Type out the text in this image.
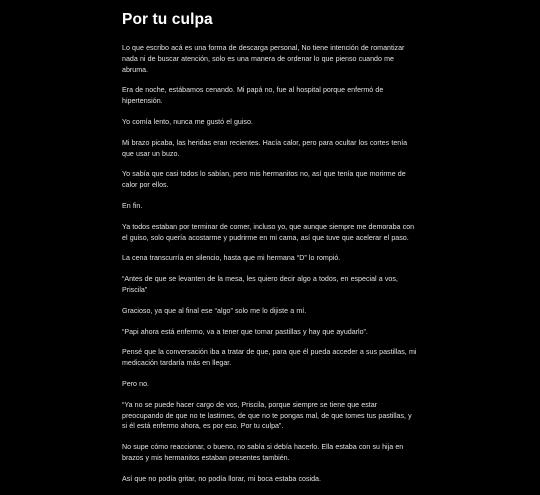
Por tu culpa

Lo que escribo acá es una forma de descarga personal, No tiene intención de romantizar nada ni de buscar atención, solo es una manera de ordenar lo que pienso cuando me abruma.

Era de noche, estábamos cenando. Mi papá no, fue al hospital porque enfermó de hipertensión.

Yo comía lento, nunca me gustó el guiso.

Mi brazo picaba, las heridas eran recientes. Hacía calor, pero para ocultar los cortes tenía que usar un buzo.

Yo sabía que casi todos lo sabían, pero mis hermanitos no, así que tenía que morirme de calor por ellos.

En fin.

Ya todos estaban por terminar de comer, incluso yo, que aunque siempre me demoraba con el guiso, solo quería acostarme y pudrirme en mi cama, así que tuve que acelerar el paso.

La cena transcurría en silencio, hasta que mi hermana “D” lo rompió.

“Antes de que se levanten de la mesa, les quiero decir algo a todos, en especial a vos, Priscila”

Gracioso, ya que al final ese “algo” solo me lo dijiste a mí.

“Papi ahora está enfermo, va a tener que tomar pastillas y hay que ayudarlo”.

Pensé que la conversación iba a tratar de que, para que él pueda acceder a sus pastillas, mi medicación tardaría más en llegar.

Pero no.

“Ya no se puede hacer cargo de vos, Priscila, porque siempre se tiene que estar preocupando de que no te lastimes, de que no te pongas mal, de que tomes tus pastillas, y si él está enfermo ahora, es por eso. Por tu culpa”.

No supe cómo reaccionar, o bueno, no sabía si debía hacerlo. Ella estaba con su hija en brazos y mis hermanitos estaban presentes también.

Así que no podía gritar, no podía llorar, mi boca estaba cosida.
